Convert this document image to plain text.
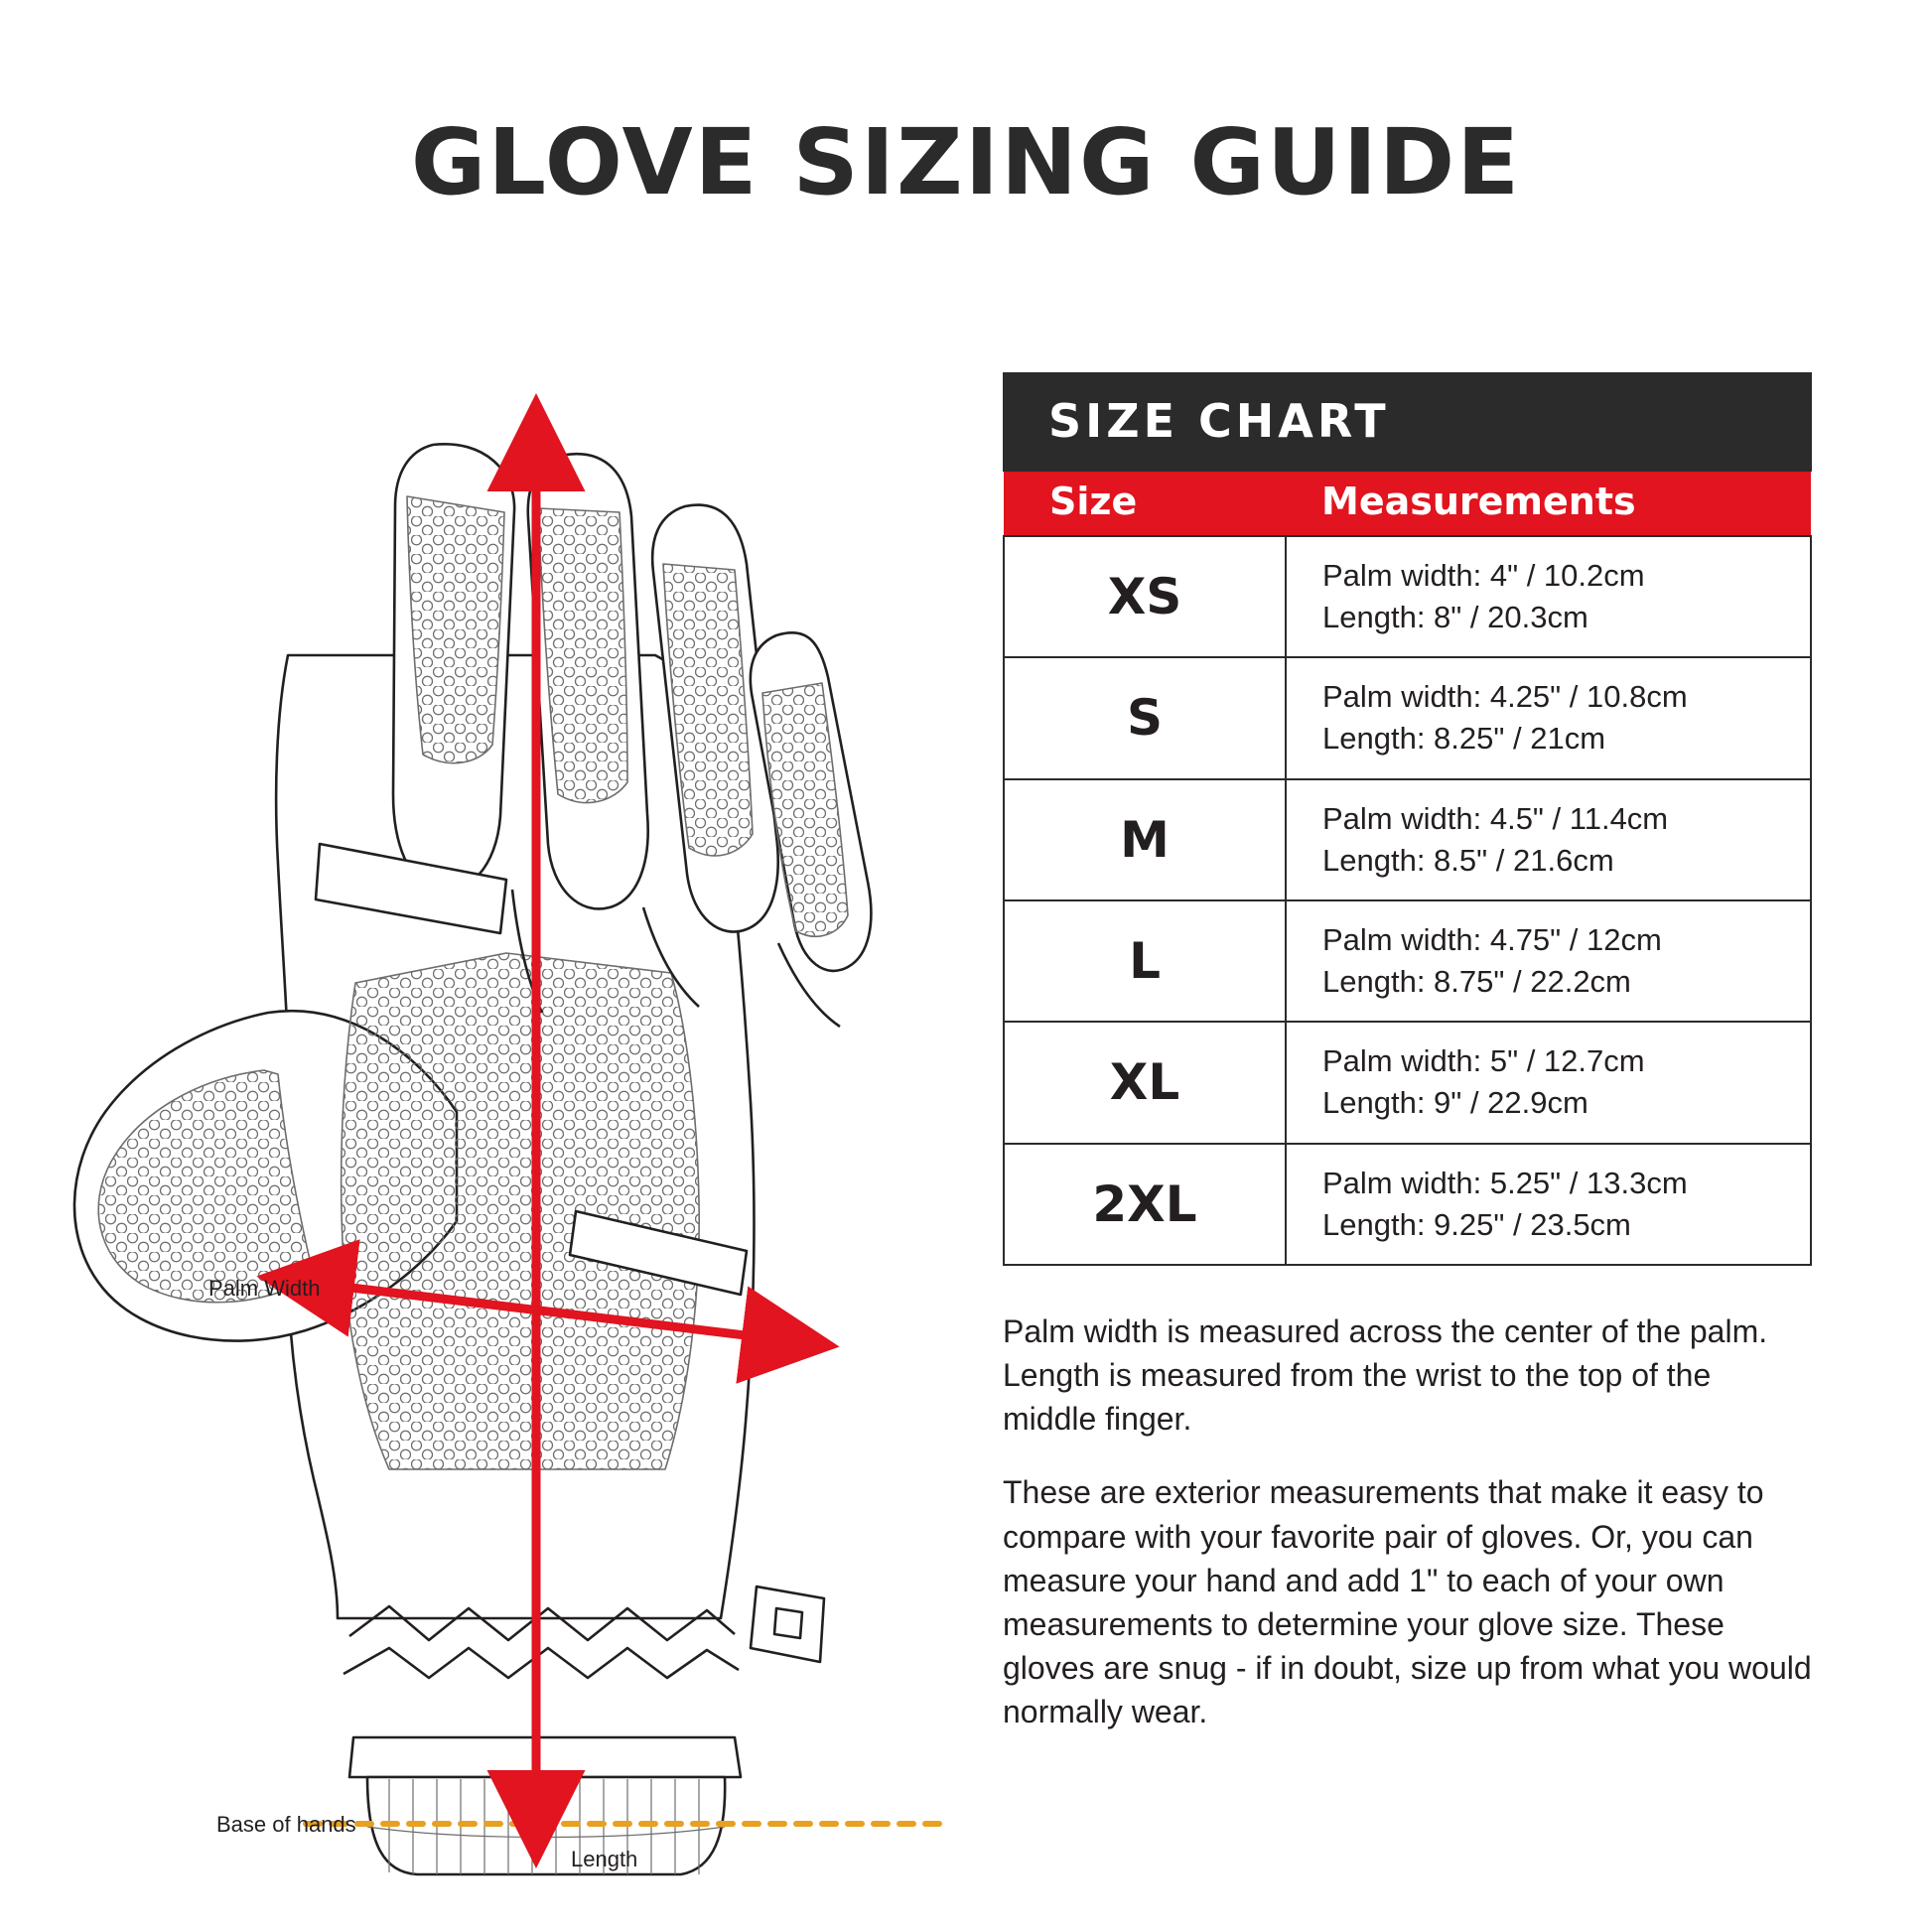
GLOVE SIZING GUIDE
Palm Width
Base of hands
Length
SIZE CHART
Size	Measurements
XS	Palm width: 4" / 10.2cm
Length: 8" / 20.3cm

S	Palm width: 4.25" / 10.8cm
Length: 8.25" / 21cm

M	Palm width: 4.5" / 11.4cm
Length: 8.5" / 21.6cm

L	Palm width: 4.75" / 12cm
Length: 8.75" / 22.2cm

XL	Palm width: 5" / 12.7cm
Length: 9" / 22.9cm

2XL	Palm width: 5.25" / 13.3cm
Length: 9.25" / 23.5cm

Palm width is measured across the center of the palm. Length is measured from the wrist to the top of the middle finger.

These are exterior measurements that make it easy to compare with your favorite pair of gloves. Or, you can measure your hand and add 1" to each of your own measurements to determine your glove size. These gloves are snug - if in doubt, size up from what you would normally wear.
